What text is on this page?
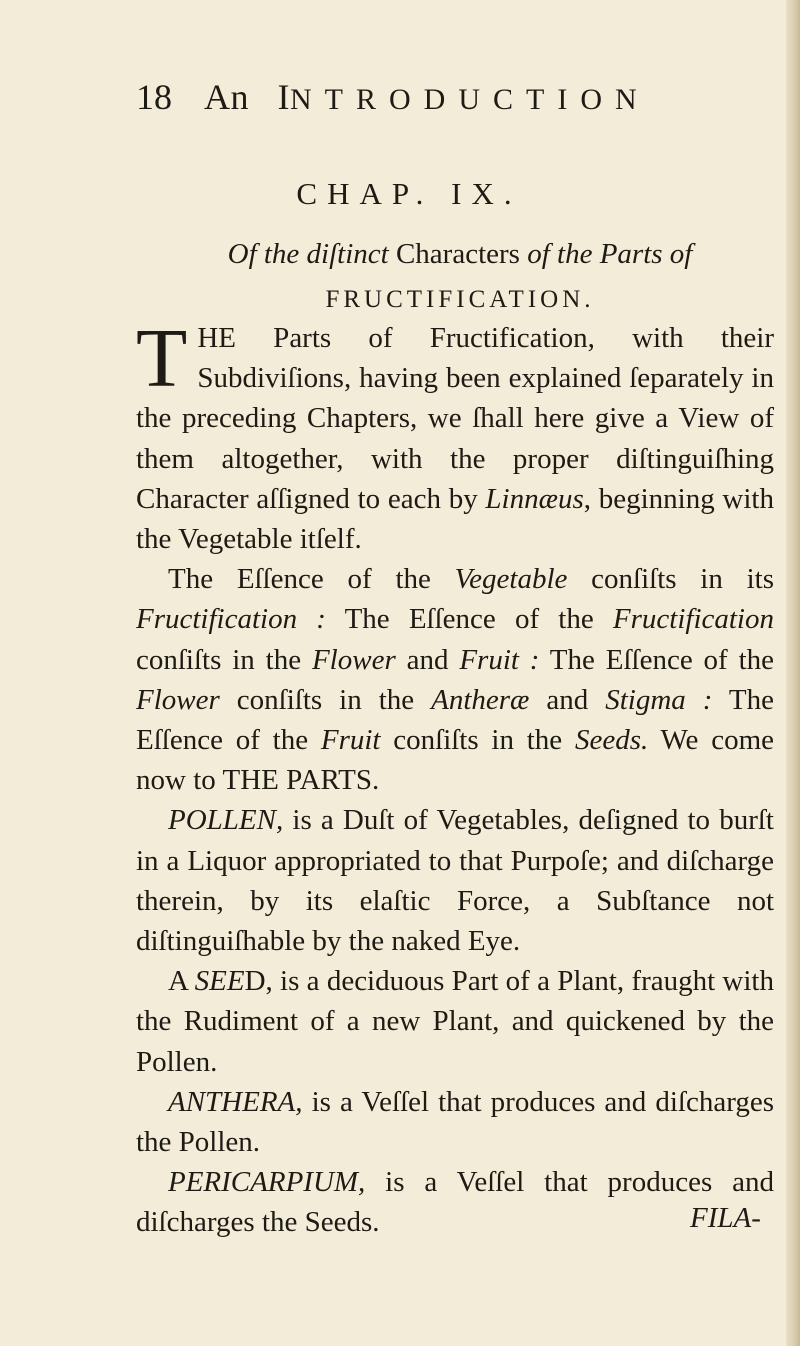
18 An INTRODUCTION
CHAP. IX.
Of the diſtinct Characters of the Parts of
FRUCTIFICATION.

THE Parts of Fructification, with their Subdiviſions, having been explained ſeparately in the preceding Chapters, we ſhall here give a View of them altogether, with the proper diſtinguiſhing Character aſſigned to each by Linnæus, beginning with the Vegetable itſelf.

The Eſſence of the Vegetable conſiſts in its Fructification : The Eſſence of the Fructification conſiſts in the Flower and Fruit : The Eſſence of the Flower conſiſts in the Antheræ and Stigma : The Eſſence of the Fruit conſiſts in the Seeds. We come now to THE PARTS.

POLLEN, is a Duſt of Vegetables, deſigned to burſt in a Liquor appropriated to that Purpoſe; and diſcharge therein, by its elaſtic Force, a Subſtance not diſtinguiſhable by the naked Eye.

A SEED, is a deciduous Part of a Plant, fraught with the Rudiment of a new Plant, and quickened by the Pollen.

ANTHERA, is a Veſſel that produces and diſcharges the Pollen.

PERICARPIUM, is a Veſſel that produces and diſcharges the Seeds.	FILA-
